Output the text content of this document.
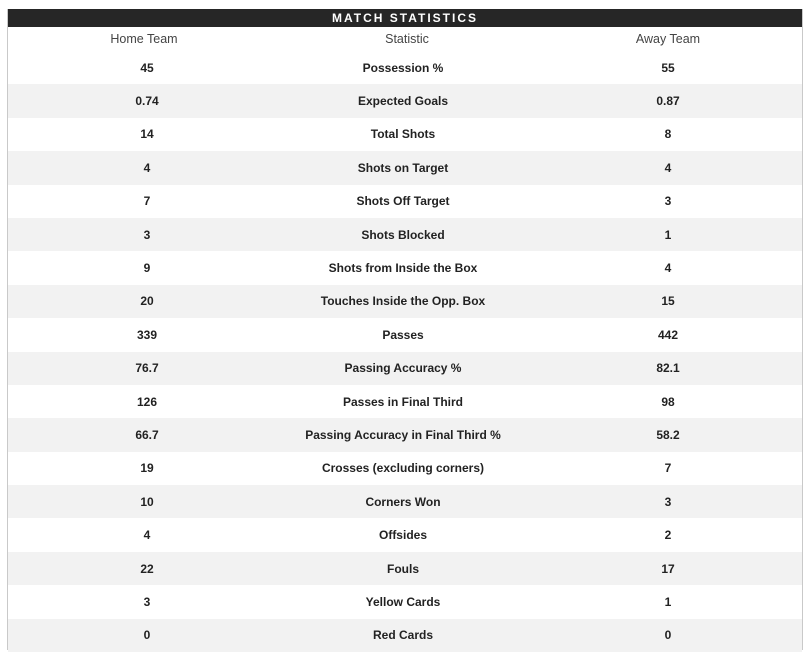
MATCH STATISTICS
Home Team	Statistic	Away Team
45	Possession %	55
0.74	Expected Goals	0.87
14	Total Shots	8
4	Shots on Target	4
7	Shots Off Target	3
3	Shots Blocked	1
9	Shots from Inside the Box	4
20	Touches Inside the Opp. Box	15
339	Passes	442
76.7	Passing Accuracy %	82.1
126	Passes in Final Third	98
66.7	Passing Accuracy in Final Third %	58.2
19	Crosses (excluding corners)	7
10	Corners Won	3
4	Offsides	2
22	Fouls	17
3	Yellow Cards	1
0	Red Cards	0
